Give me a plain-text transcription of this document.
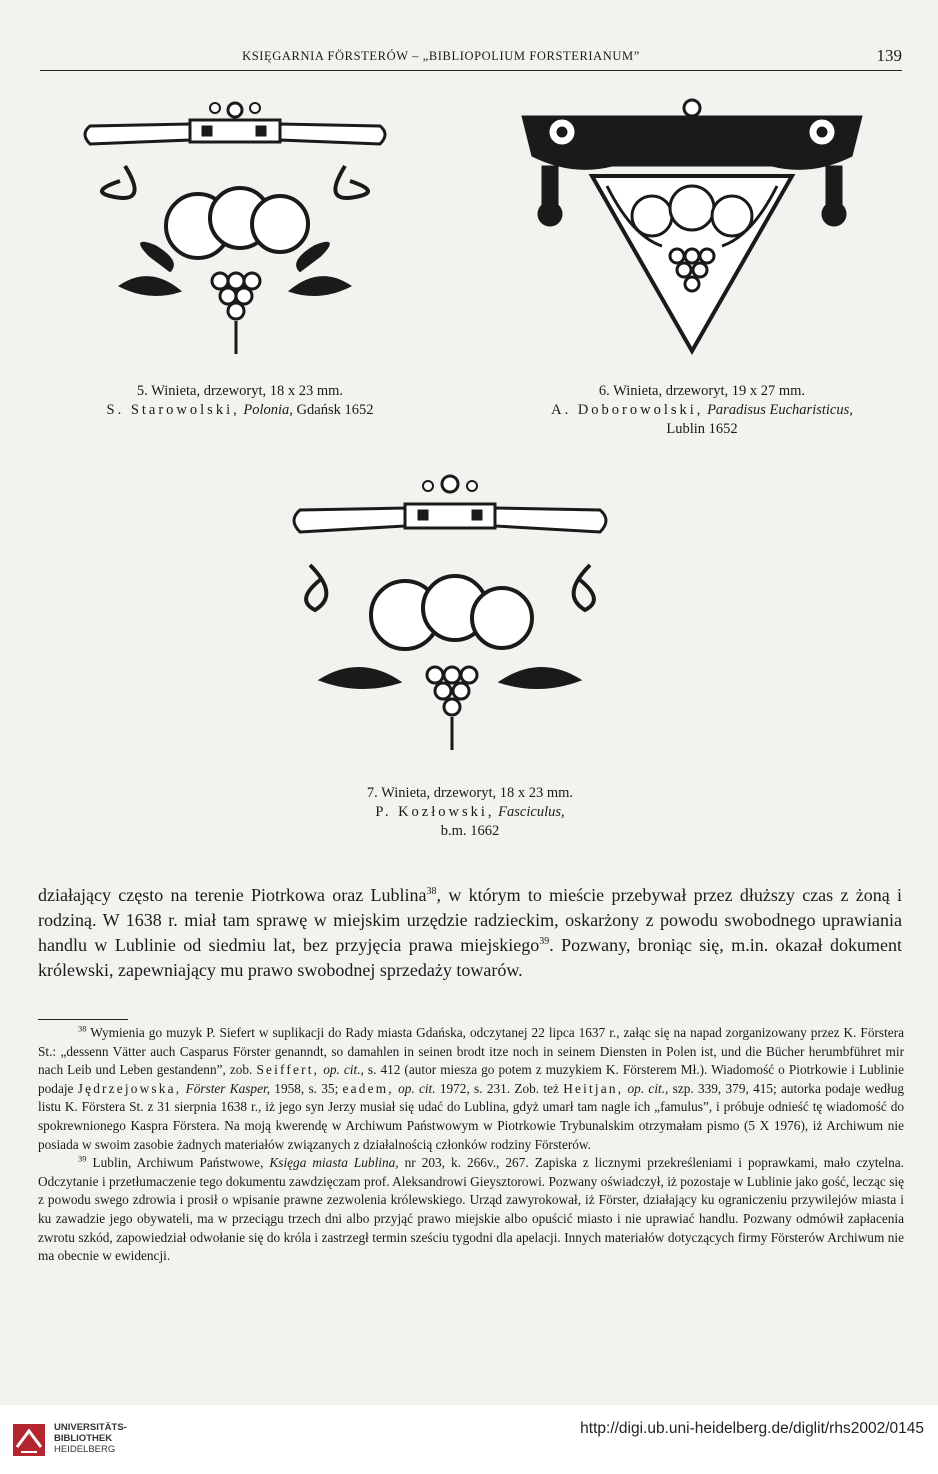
KSIĘGARNIA FÖRSTERÓW – „BIBLIOPOLIUM FORSTERIANUM”	139
5. Winieta, drzeworyt, 18 x 23 mm.
S. Starowolski, Polonia, Gdańsk 1652
6. Winieta, drzeworyt, 19 x 27 mm.
A. Doborowolski, Paradisus Eucharisticus,
Lublin 1652
7. Winieta, drzeworyt, 18 x 23 mm.
P. Kozłowski, Fasciculus,
b.m. 1662
działający często na terenie Piotrkowa oraz Lublina$^{38}$, w którym to mieście przebywał przez dłuższy czas z żoną i rodziną. W 1638 r. miał tam sprawę w miejskim urzędzie radzieckim, oskarżony z powodu swobodnego uprawiania handlu w Lublinie od siedmiu lat, bez przyjęcia prawa miejskiego$^{39}$. Pozwany, broniąc się, m.in. okazał dokument królewski, zapewniający mu prawo swobodnej sprzedaży towarów.

$^{38}$ Wymienia go muzyk P. Siefert w suplikacji do Rady miasta Gdańska, odczytanej 22 lipca 1637 r., załąc się na napad zorganizowany przez K. Förstera St.: „dessenn Vätter auch Casparus Förster genanndt, so damahlen in seinen brodt itze noch in seinem Diensten in Polen ist, und die Bücher herumbführet mir nach Leib und Leben gestandenn”, zob. Seiffert, op. cit., s. 412 (autor miesza go potem z muzykiem K. Försterem Mł.). Wiadomość o Piotrkowie i Lublinie podaje Jędrzejowska, Förster Kasper, 1958, s. 35; eadem, op. cit. 1972, s. 231. Zob. też Heitjan, op. cit., szp. 339, 379, 415; autorka podaje według listu K. Förstera St. z 31 sierpnia 1638 r., iż jego syn Jerzy musiał się udać do Lublina, gdyż umarł tam nagle ich „famulus”, i próbuje odnieść tę wiadomość do spokrewnionego Kaspra Förstera. Na moją kwerendę w Archiwum Państwowym w Piotrkowie Trybunalskim otrzymałam pismo (5 X 1976), iż Archiwum nie posiada w swoim zasobie żadnych materiałów związanych z działalnością członków rodziny Försterów.

$^{39}$ Lublin, Archiwum Państwowe, Księga miasta Lublina, nr 203, k. 266v., 267. Zapiska z licznymi przekreśleniami i poprawkami, mało czytelna. Odczytanie i przetłumaczenie tego dokumentu zawdzięczam prof. Aleksandrowi Gieysztorowi. Pozwany oświadczył, iż pozostaje w Lublinie jako gość, lecząc się z powodu swego zdrowia i prosił o wpisanie prawne zezwolenia królewskiego. Urząd zawyrokował, iż Förster, działający ku ograniczeniu przywilejów miasta i ku zawadzie jego obywateli, ma w przeciągu trzech dni albo przyjąć prawo miejskie albo opuścić miasto i nie uprawiać handlu. Pozwany odmówił zapłacenia zwrotu szkód, zapowiedział odwołanie się do króla i zastrzegł termin sześciu tygodni dla apelacji. Innych materiałów dotyczących firmy Försterów Archiwum nie ma obecnie w ewidencji.

UNIVERSITÄTS-
BIBLIOTHEK
HEIDELBERG
http://digi.ub.uni-heidelberg.de/diglit/rhs2002/0145
